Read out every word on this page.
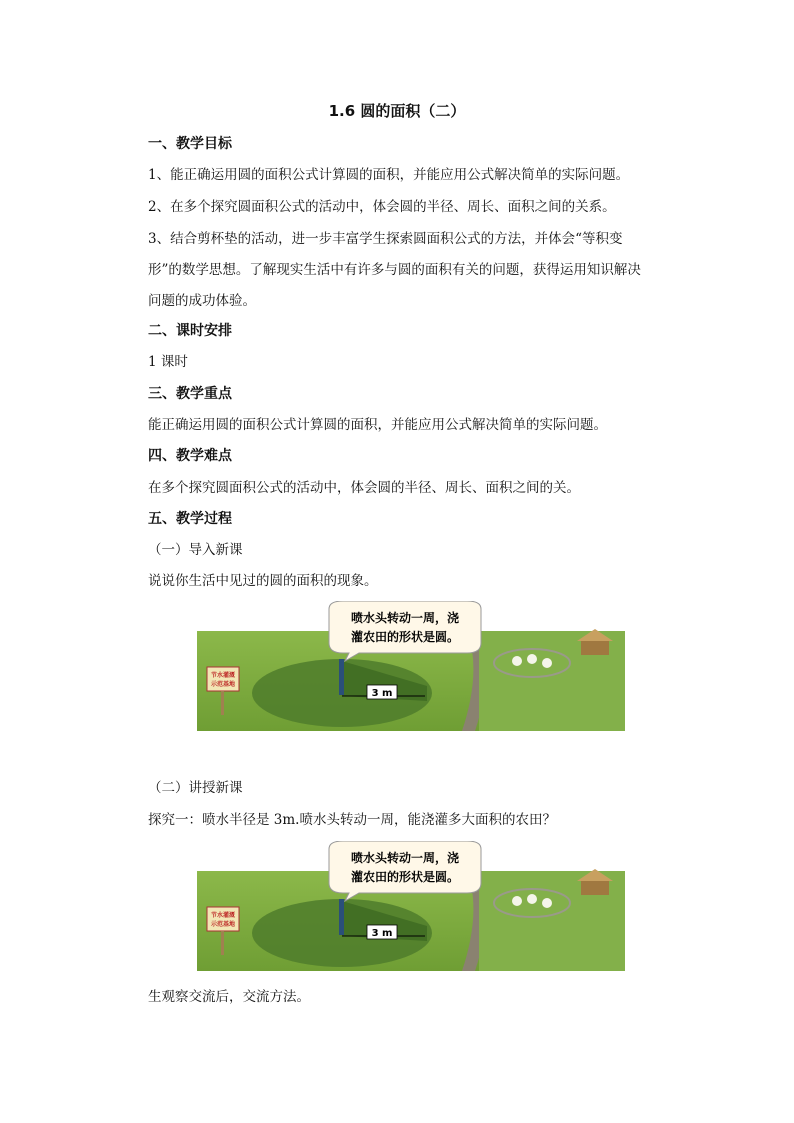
1.6 圆的面积（二）
一、教学目标
1、能正确运用圆的面积公式计算圆的面积，并能应用公式解决简单的实际问题。
2、在多个探究圆面积公式的活动中，体会圆的半径、周长、面积之间的关系。
3、结合剪杯垫的活动，进一步丰富学生探索圆面积公式的方法，并体会“等积变形”的数学思想。了解现实生活中有许多与圆的面积有关的问题，获得运用知识解决问题的成功体验。
二、课时安排
1 课时
三、教学重点
能正确运用圆的面积公式计算圆的面积，并能应用公式解决简单的实际问题。
四、教学难点
在多个探究圆面积公式的活动中，体会圆的半径、周长、面积之间的关。
五、教学过程
（一）导入新课
说说你生活中见过的圆的面积的现象。
3 m
节水灌溉
示范基地
喷水头转动一周，浇
灌农田的形状是圆。
（二）讲授新课
探究一：喷水半径是 3m.喷水头转动一周，能浇灌多大面积的农田？
3 m
节水灌溉
示范基地
喷水头转动一周，浇
灌农田的形状是圆。
生观察交流后，交流方法。
